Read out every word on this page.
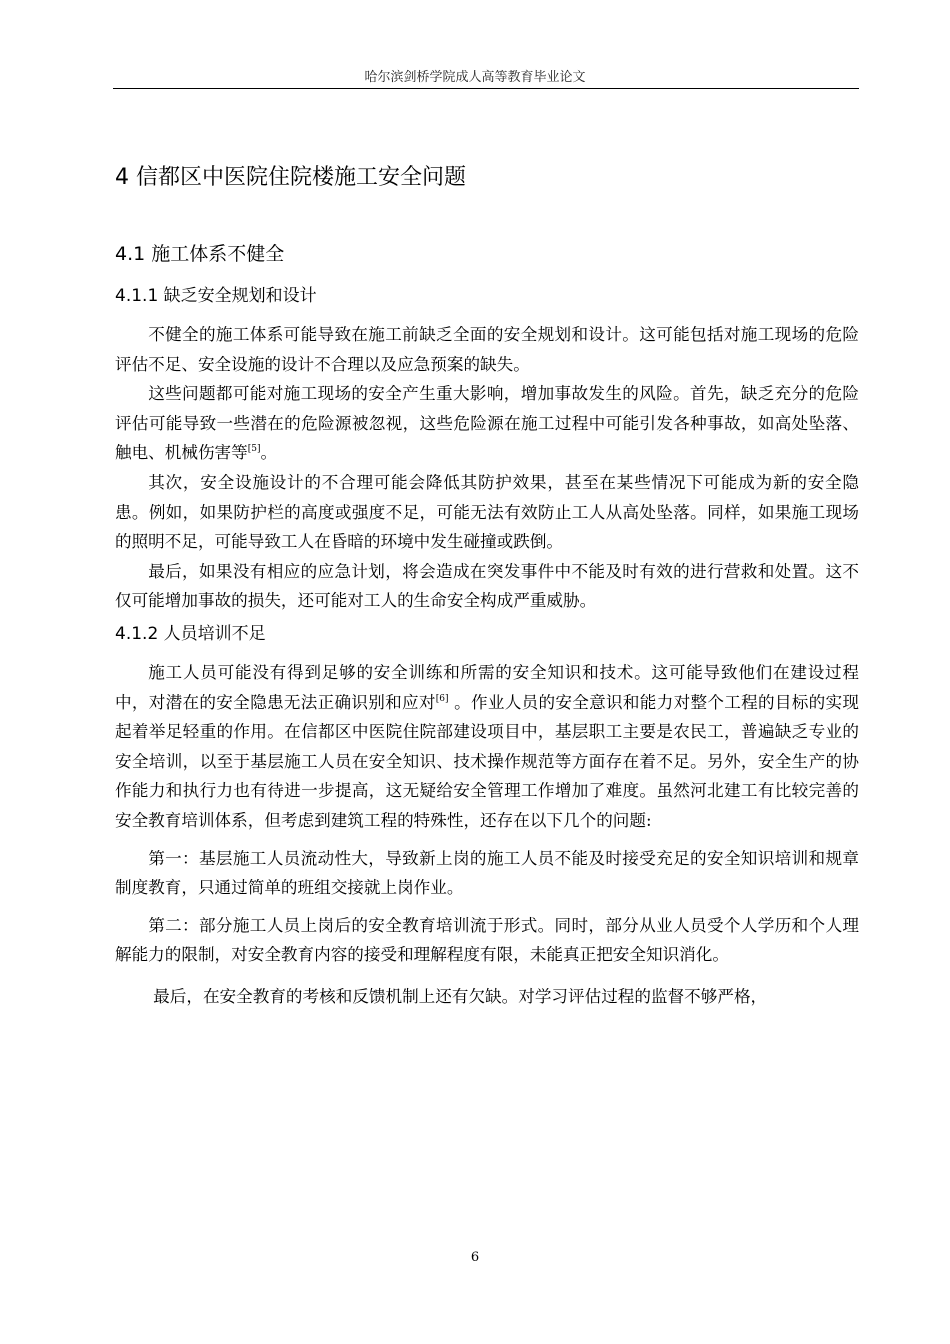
哈尔滨剑桥学院成人高等教育毕业论文
4 信都区中医院住院楼施工安全问题
4.1 施工体系不健全
4.1.1 缺乏安全规划和设计

不健全的施工体系可能导致在施工前缺乏全面的安全规划和设计。这可能包括对施工现场的危险评估不足、安全设施的设计不合理以及应急预案的缺失。

这些问题都可能对施工现场的安全产生重大影响，增加事故发生的风险。首先，缺乏充分的危险评估可能导致一些潜在的危险源被忽视，这些危险源在施工过程中可能引发各种事故，如高处坠落、触电、机械伤害等[5]。

其次，安全设施设计的不合理可能会降低其防护效果，甚至在某些情况下可能成为新的安全隐患。例如，如果防护栏的高度或强度不足，可能无法有效防止工人从高处坠落。同样，如果施工现场的照明不足，可能导致工人在昏暗的环境中发生碰撞或跌倒。

最后，如果没有相应的应急计划，将会造成在突发事件中不能及时有效的进行营救和处置。这不仅可能增加事故的损失，还可能对工人的生命安全构成严重威胁。

4.1.2 人员培训不足

施工人员可能没有得到足够的安全训练和所需的安全知识和技术。这可能导致他们在建设过程中，对潜在的安全隐患无法正确识别和应对[6] 。作业人员的安全意识和能力对整个工程的目标的实现起着举足轻重的作用。在信都区中医院住院部建设项目中，基层职工主要是农民工，普遍缺乏专业的安全培训，以至于基层施工人员在安全知识、技术操作规范等方面存在着不足。另外，安全生产的协作能力和执行力也有待进一步提高，这无疑给安全管理工作增加了难度。虽然河北建工有比较完善的安全教育培训体系，但考虑到建筑工程的特殊性，还存在以下几个的问题:

第一：基层施工人员流动性大，导致新上岗的施工人员不能及时接受充足的安全知识培训和规章制度教育，只通过简单的班组交接就上岗作业。

第二：部分施工人员上岗后的安全教育培训流于形式。同时，部分从业人员受个人学历和个人理解能力的限制，对安全教育内容的接受和理解程度有限，未能真正把安全知识消化。

最后，在安全教育的考核和反馈机制上还有欠缺。对学习评估过程的监督不够严格，

6
